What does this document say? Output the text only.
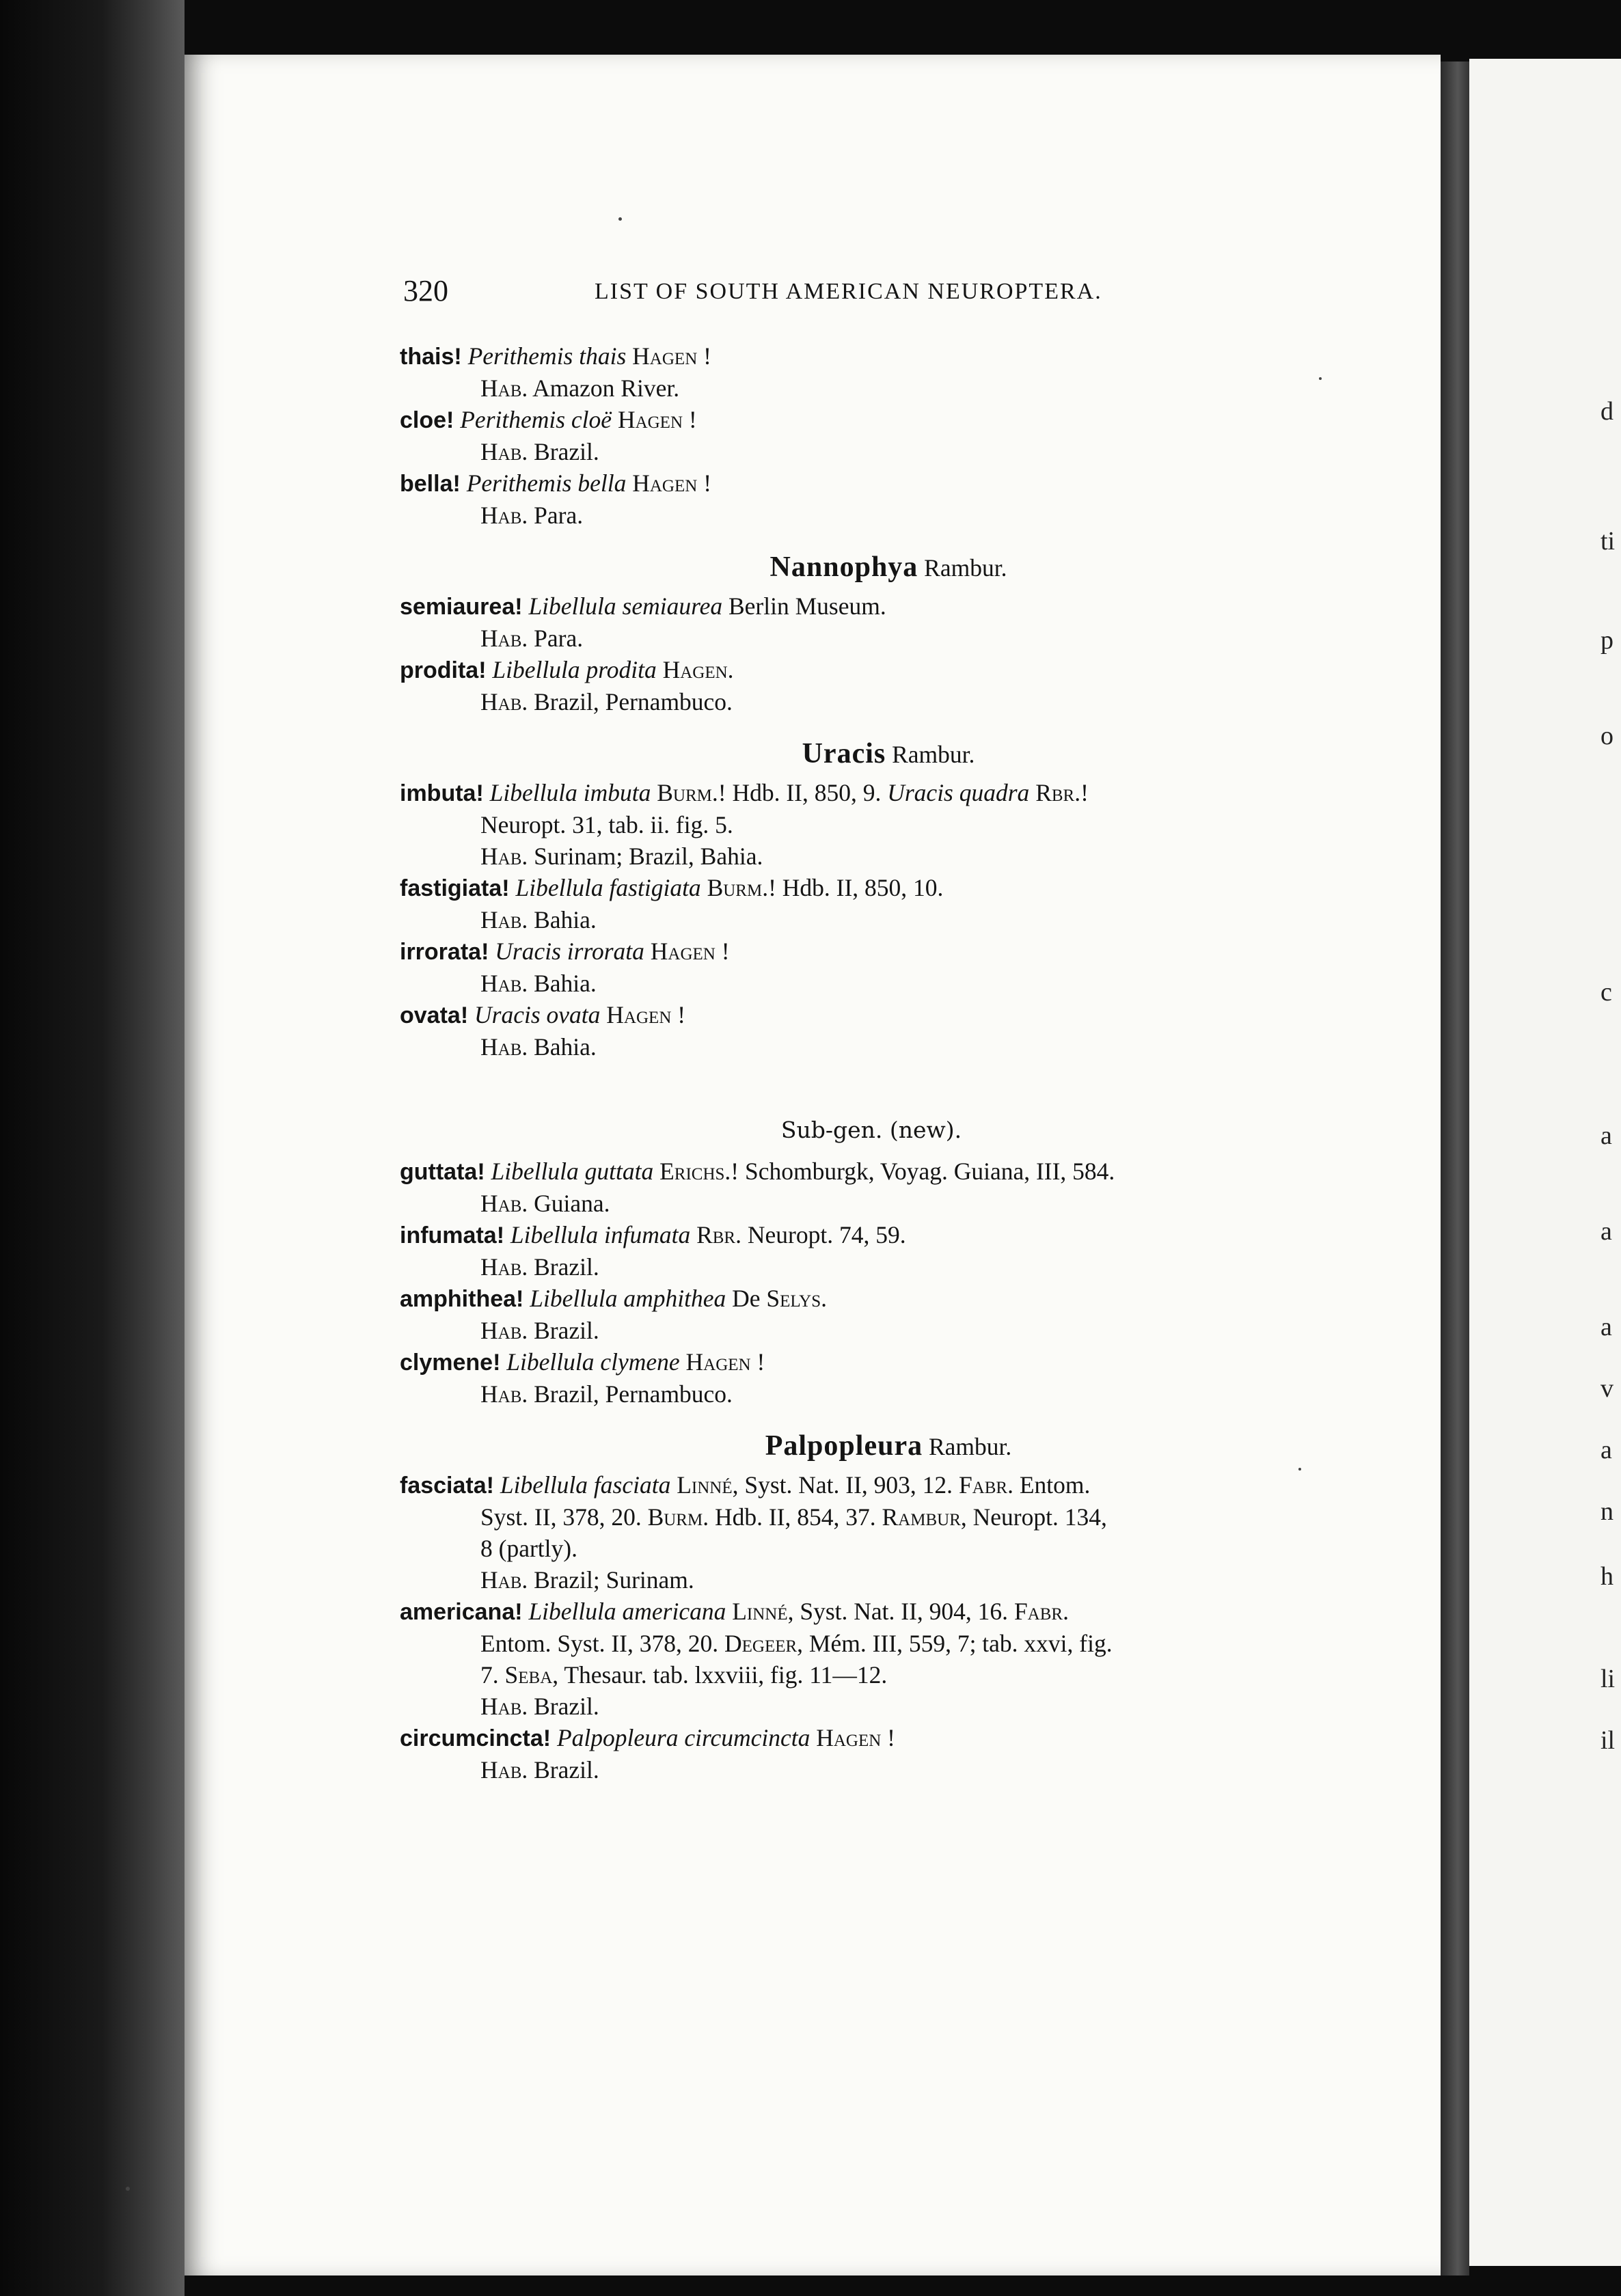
d
ti
p
o
c
a
a
a
v
a
n
h
li
il
320	LIST OF SOUTH AMERICAN NEUROPTERA.
thais! Perithemis thais Hagen !
Hab. Amazon River.
cloe! Perithemis cloë Hagen !
Hab. Brazil.
bella! Perithemis bella Hagen !
Hab. Para.
Nannophya Rambur.
semiaurea! Libellula semiaurea Berlin Museum.
Hab. Para.
prodita! Libellula prodita Hagen.
Hab. Brazil, Pernambuco.
Uracis Rambur.
imbuta! Libellula imbuta Burm.! Hdb. II, 850, 9. Uracis quadra Rbr.!
Neuropt. 31, tab. ii. fig. 5.
Hab. Surinam; Brazil, Bahia.
fastigiata! Libellula fastigiata Burm.! Hdb. II, 850, 10.
Hab. Bahia.
irrorata! Uracis irrorata Hagen !
Hab. Bahia.
ovata! Uracis ovata Hagen !
Hab. Bahia.
Sub-gen. (new).
guttata! Libellula guttata Erichs.! Schomburgk, Voyag. Guiana, III, 584.
Hab. Guiana.
infumata! Libellula infumata Rbr. Neuropt. 74, 59.
Hab. Brazil.
amphithea! Libellula amphithea De Selys.
Hab. Brazil.
clymene! Libellula clymene Hagen !
Hab. Brazil, Pernambuco.
Palpopleura Rambur.
fasciata! Libellula fasciata Linné, Syst. Nat. II, 903, 12. Fabr. Entom.
Syst. II, 378, 20. Burm. Hdb. II, 854, 37. Rambur, Neuropt. 134,
8 (partly).
Hab. Brazil; Surinam.
americana! Libellula americana Linné, Syst. Nat. II, 904, 16. Fabr.
Entom. Syst. II, 378, 20. Degeer, Mém. III, 559, 7; tab. xxvi, fig.
7. Seba, Thesaur. tab. lxxviii, fig. 11—12.
Hab. Brazil.
circumcincta! Palpopleura circumcincta Hagen !
Hab. Brazil.
